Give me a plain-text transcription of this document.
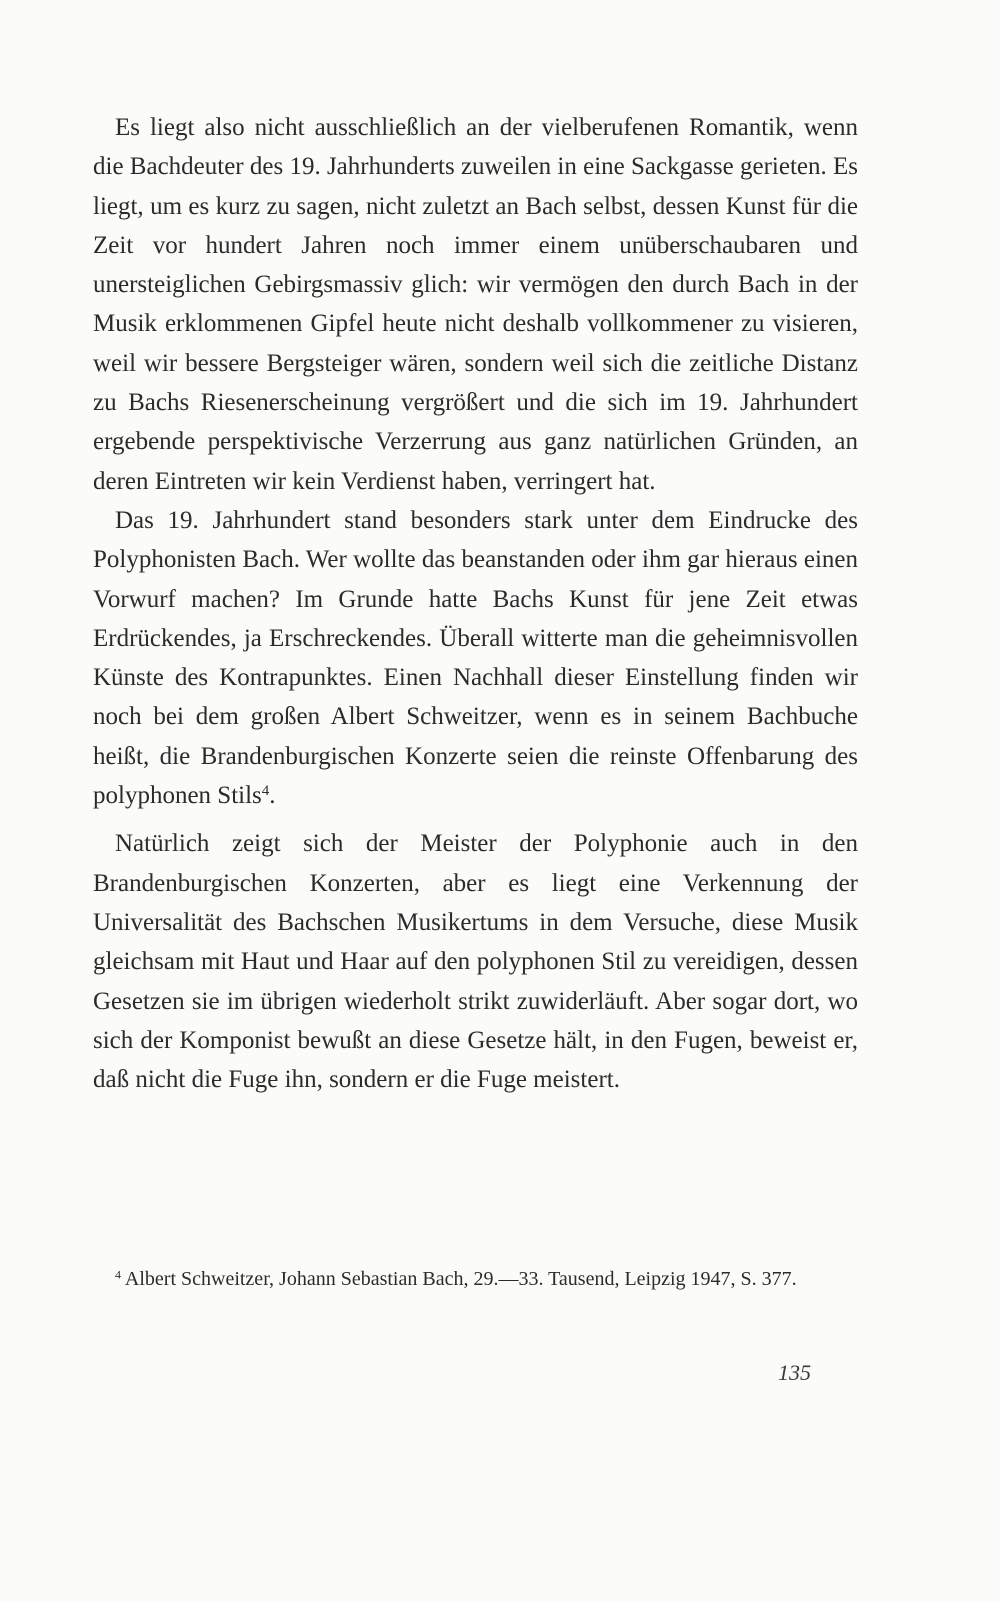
Es liegt also nicht ausschließlich an der vielberufenen Romantik, wenn die Bachdeuter des 19. Jahrhunderts zuweilen in eine Sackgasse gerieten. Es liegt, um es kurz zu sagen, nicht zuletzt an Bach selbst, dessen Kunst für die Zeit vor hundert Jahren noch immer einem unüberschaubaren und unersteiglichen Gebirgsmassiv glich: wir vermögen den durch Bach in der Musik erklommenen Gipfel heute nicht deshalb vollkommener zu visieren, weil wir bessere Bergsteiger wären, sondern weil sich die zeitliche Distanz zu Bachs Riesenerscheinung vergrößert und die sich im 19. Jahrhundert ergebende perspektivische Verzerrung aus ganz natürlichen Gründen, an deren Eintreten wir kein Verdienst haben, verringert hat.

Das 19. Jahrhundert stand besonders stark unter dem Eindrucke des Polyphonisten Bach. Wer wollte das beanstanden oder ihm gar hieraus einen Vorwurf machen? Im Grunde hatte Bachs Kunst für jene Zeit etwas Erdrückendes, ja Erschreckendes. Überall witterte man die geheimnisvollen Künste des Kontrapunktes. Einen Nachhall dieser Einstellung finden wir noch bei dem großen Albert Schweitzer, wenn es in seinem Bachbuche heißt, die Brandenburgischen Konzerte seien die reinste Offenbarung des polyphonen Stils$^4$.

Natürlich zeigt sich der Meister der Polyphonie auch in den Brandenburgischen Konzerten, aber es liegt eine Verkennung der Universalität des Bachschen Musikertums in dem Versuche, diese Musik gleichsam mit Haut und Haar auf den polyphonen Stil zu vereidigen, dessen Gesetzen sie im übrigen wiederholt strikt zuwiderläuft. Aber sogar dort, wo sich der Komponist bewußt an diese Gesetze hält, in den Fugen, beweist er, daß nicht die Fuge ihn, sondern er die Fuge meistert.

$^4$ Albert Schweitzer, Johann Sebastian Bach, 29.—33. Tausend, Leipzig 1947, S. 377.

135
